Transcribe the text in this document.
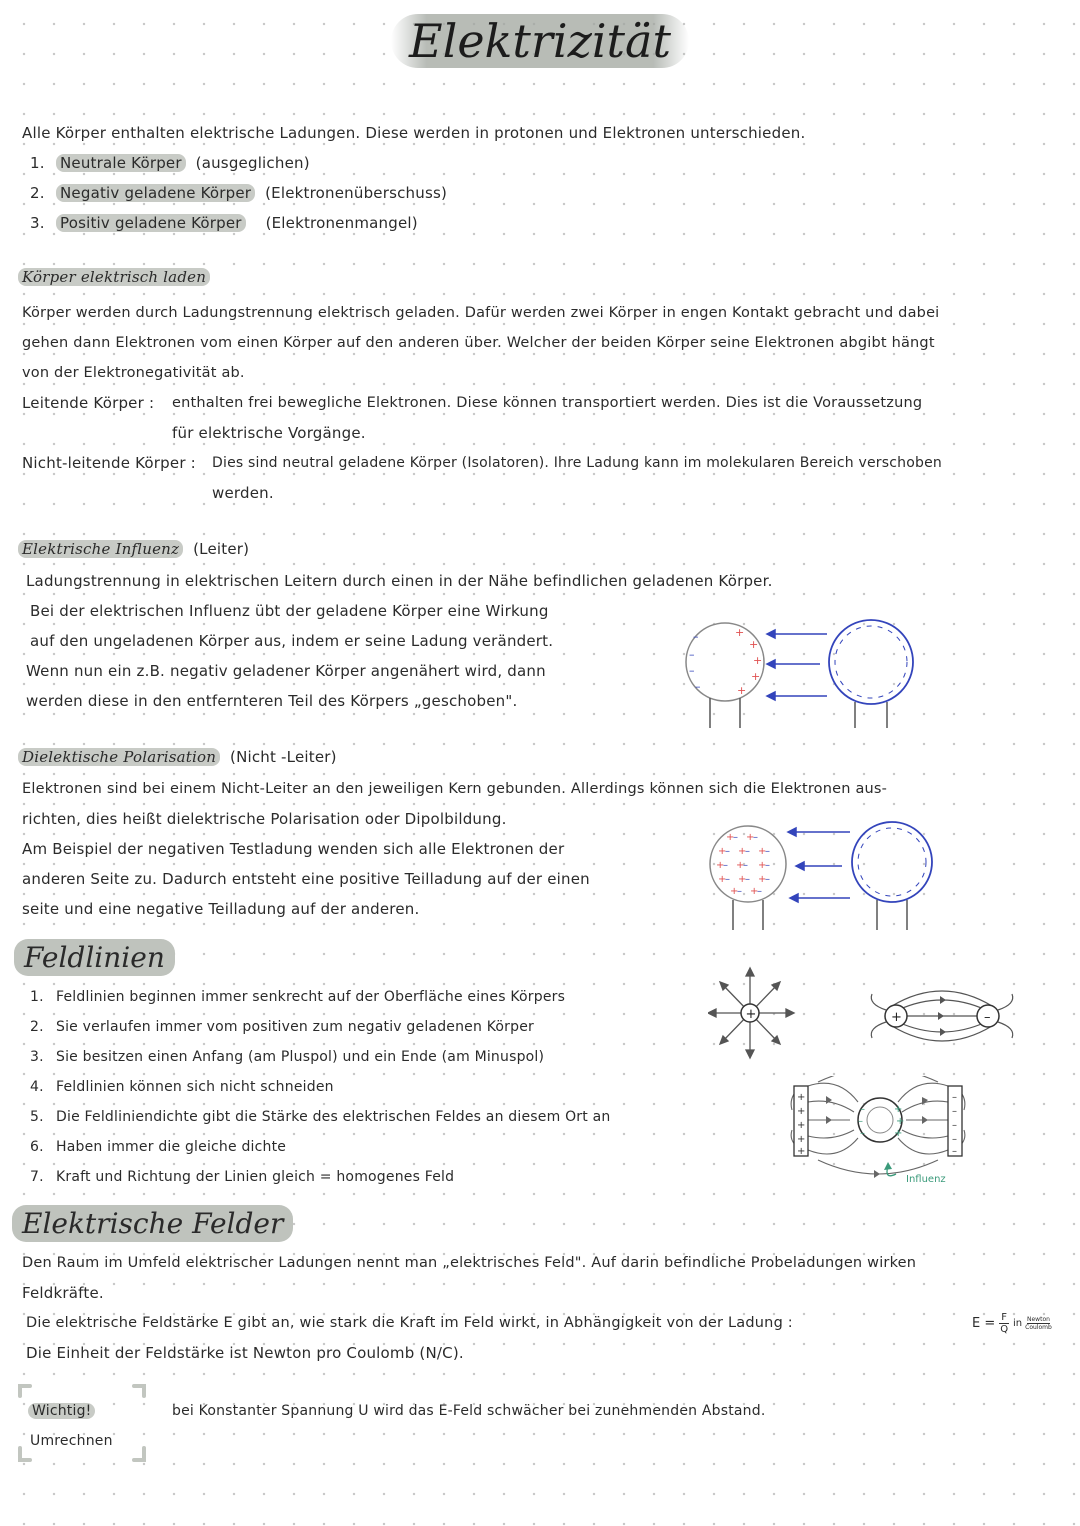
Elektrizität
Alle Körper enthalten elektrische Ladungen. Diese werden in protonen und Elektronen unterschieden.
1. Neutrale Körper (ausgeglichen)
2. Negativ geladene Körper (Elektronenüberschuss)
3. Positiv geladene Körper (Elektronenmangel)
Körper elektrisch laden
Körper werden durch Ladungstrennung elektrisch geladen. Dafür werden zwei Körper in engen Kontakt gebracht und dabei
gehen dann Elektronen vom einen Körper auf den anderen über. Welcher der beiden Körper seine Elektronen abgibt hängt
von der Elektronegativität ab.
Leitende Körper : enthalten frei bewegliche Elektronen. Diese können transportiert werden. Dies ist die Voraussetzung
für elektrische Vorgänge.
Nicht-leitende Körper : Dies sind neutral geladene Körper (Isolatoren). Ihre Ladung kann im molekularen Bereich verschoben
werden.
Elektrische Influenz (Leiter)
Ladungstrennung in elektrischen Leitern durch einen in der Nähe befindlichen geladenen Körper.
Bei der elektrischen Influenz übt der geladene Körper eine Wirkung
auf den ungeladenen Körper aus, indem er seine Ladung verändert.
Wenn nun ein z.B. negativ geladener Körper angenähert wird, dann
werden diese in den entfernteren Teil des Körpers „geschoben".
–
–
–
–
+
+
+
+
+
Dielektische Polarisation (Nicht -Leiter)
Elektronen sind bei einem Nicht-Leiter an den jeweiligen Kern gebunden. Allerdings können sich die Elektronen aus-
richten, dies heißt dielektrische Polarisation oder Dipolbildung.
Am Beispiel der negativen Testladung wenden sich alle Elektronen der
anderen Seite zu. Dadurch entsteht eine positive Teilladung auf der einen
seite und eine negative Teilladung auf der anderen.
+
– +
–
+
– +
– +
–
+
– +
– +
–
+
– +
– +
–
+
– +
–
Feldlinien
1. Feldlinien beginnen immer senkrecht auf der Oberfläche eines Körpers
2. Sie verlaufen immer vom positiven zum negativ geladenen Körper
3. Sie besitzen einen Anfang (am Pluspol) und ein Ende (am Minuspol)
4. Feldlinien können sich nicht schneiden
5. Die Feldliniendichte gibt die Stärke des elektrischen Feldes an diesem Ort an
6. Haben immer die gleiche dichte
7. Kraft und Richtung der Linien gleich = homogenes Feld
+	+	–
+
+
+
+
+
–
–
–
–
–
–
–
–
+
+
+
Influenz
Elektrische Felder
Den Raum im Umfeld elektrischer Ladungen nennt man „elektrisches Feld". Auf darin befindliche Probeladungen wirken
Feldkräfte.
Die elektrische Feldstärke E gibt an, wie stark die Kraft im Feld wirkt, in Abhängigkeit von der Ladung :	$E = \frac{F}{Q}$ in Newton
Coulomb
Die Einheit der Feldstärke ist Newton pro Coulomb (N/C).
Wichtig!
Umrechnen
bei Konstanter Spannung U wird das E-Feld schwächer bei zunehmenden Abstand.
